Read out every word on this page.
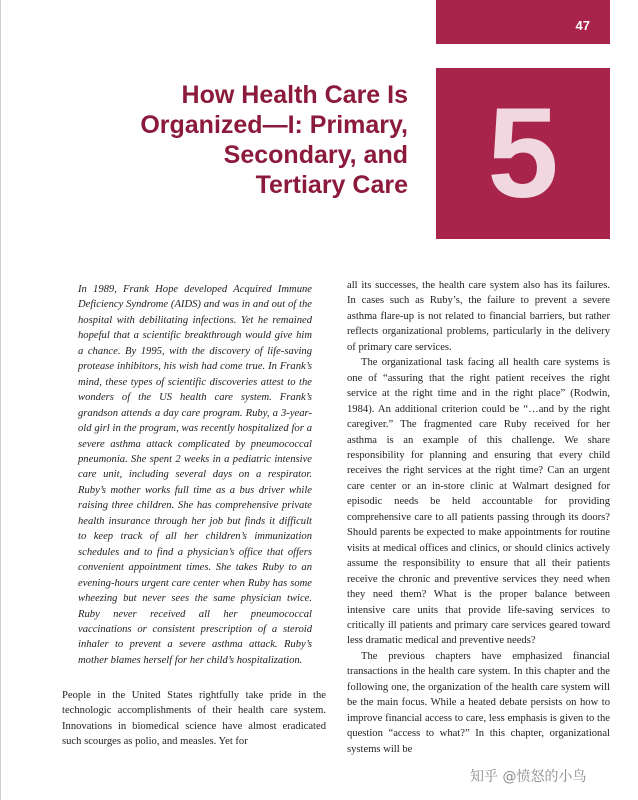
47
How Health Care Is
Organized—I: Primary,
Secondary, and
Tertiary Care 5

In 1989, Frank Hope developed Acquired Immune Deficiency Syndrome (AIDS) and was in and out of the hospital with debilitating infections. Yet he remained hopeful that a scientific breakthrough would give him a chance. By 1995, with the discovery of life-saving protease inhibitors, his wish had come true. In Frank’s mind, these types of scientific discoveries attest to the wonders of the US health care system. Frank’s grandson attends a day care program. Ruby, a 3-year-old girl in the program, was recently hospitalized for a severe asthma attack complicated by pneumococcal pneumonia. She spent 2 weeks in a pediatric intensive care unit, including several days on a respirator. Ruby’s mother works full time as a bus driver while raising three children. She has comprehensive private health insurance through her job but finds it difficult to keep track of all her children’s immunization schedules and to find a physician’s office that offers convenient appointment times. She takes Ruby to an evening-hours urgent care center when Ruby has some wheezing but never sees the same physician twice. Ruby never received all her pneumococcal vaccinations or consistent prescription of a steroid inhaler to prevent a severe asthma attack. Ruby’s mother blames herself for her child’s hospitalization.

People in the United States rightfully take pride in the technologic accomplishments of their health care system. Innovations in biomedical science have almost eradicated such scourges as polio, and measles. Yet for

all its successes, the health care system also has its failures. In cases such as Ruby’s, the failure to prevent a severe asthma flare-up is not related to financial barriers, but rather reflects organizational problems, particularly in the delivery of primary care services.

The organizational task facing all health care systems is one of “assuring that the right patient receives the right service at the right time and in the right place” (Rodwin, 1984). An additional criterion could be “…and by the right caregiver.” The fragmented care Ruby received for her asthma is an example of this challenge. We share responsibility for planning and ensuring that every child receives the right services at the right time? Can an urgent care center or an in-store clinic at Walmart designed for episodic needs be held accountable for providing comprehensive care to all patients passing through its doors? Should parents be expected to make appointments for routine visits at medical offices and clinics, or should clinics actively assume the responsibility to ensure that all their patients receive the chronic and preventive services they need when they need them? What is the proper balance between intensive care units that provide life-saving services to critically ill patients and primary care services geared toward less dramatic medical and preventive needs?

The previous chapters have emphasized financial transactions in the health care system. In this chapter and the following one, the organization of the health care system will be the main focus. While a heated debate persists on how to improve financial access to care, less emphasis is given to the question “access to what?” In this chapter, organizational systems will be

知乎 @愤怒的小鸟
